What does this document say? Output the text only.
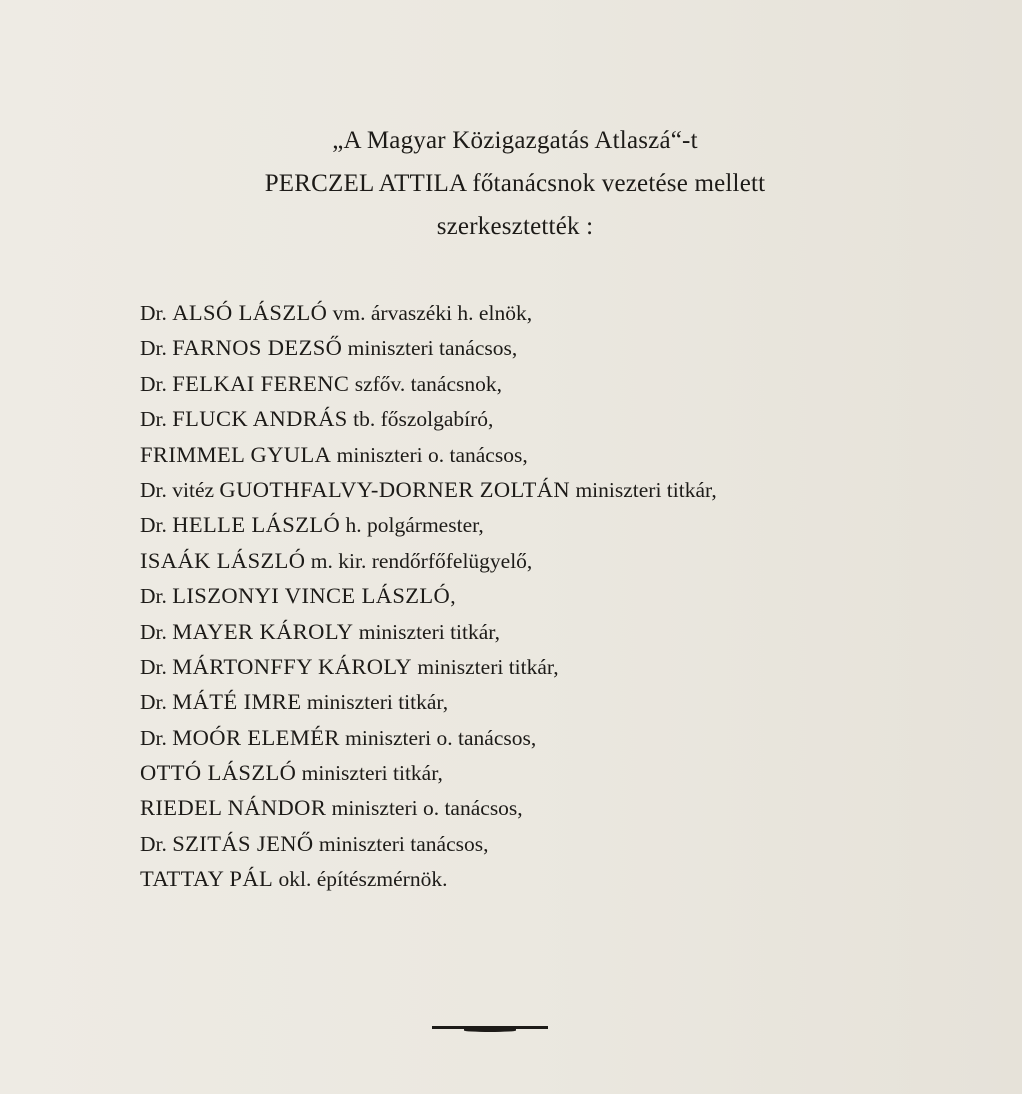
„A Magyar Közigazgatás Atlaszá“-t
PERCZEL ATTILA főtanácsnok vezetése mellett
szerkesztették :
Dr. ALSÓ LÁSZLÓ vm. árvaszéki h. elnök,
Dr. FARNOS DEZSŐ miniszteri tanácsos,
Dr. FELKAI FERENC szfőv. tanácsnok,
Dr. FLUCK ANDRÁS tb. főszolgabíró,
FRIMMEL GYULA miniszteri o. tanácsos,
Dr. vitéz GUOTHFALVY-DORNER ZOLTÁN miniszteri titkár,
Dr. HELLE LÁSZLÓ h. polgármester,
ISAÁK LÁSZLÓ m. kir. rendőrfőfelügyelő,
Dr. LISZONYI VINCE LÁSZLÓ,
Dr. MAYER KÁROLY miniszteri titkár,
Dr. MÁRTONFFY KÁROLY miniszteri titkár,
Dr. MÁTÉ IMRE miniszteri titkár,
Dr. MOÓR ELEMÉR miniszteri o. tanácsos,
OTTÓ LÁSZLÓ miniszteri titkár,
RIEDEL NÁNDOR miniszteri o. tanácsos,
Dr. SZITÁS JENŐ miniszteri tanácsos,
TATTAY PÁL okl. építészmérnök.
